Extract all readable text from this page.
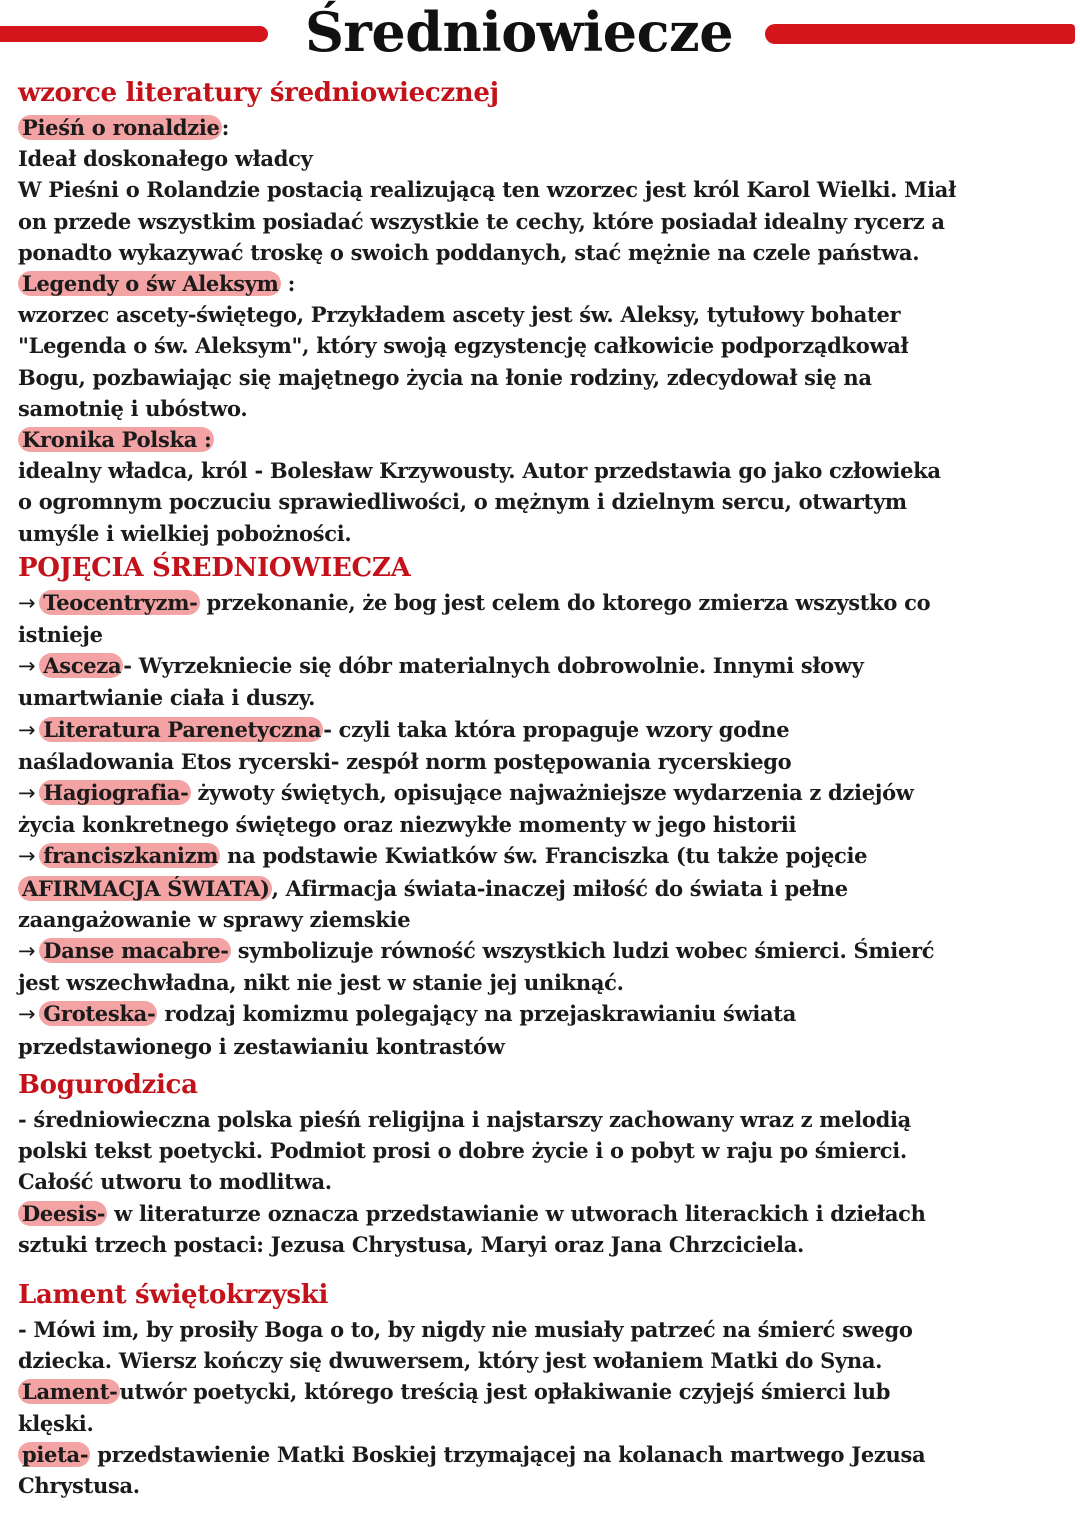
Średniowiecze
wzorce literatury średniowiecznej
Pieśń o ronaldzie:
Ideał doskonałego władcy
W Pieśni o Rolandzie postacią realizującą ten wzorzec jest król Karol Wielki. Miał
on przede wszystkim posiadać wszystkie te cechy, które posiadał idealny rycerz a
ponadto wykazywać troskę o swoich poddanych, stać mężnie na czele państwa.
Legendy o św Aleksym :
wzorzec ascety-świętego, Przykładem ascety jest św. Aleksy, tytułowy bohater
"Legenda o św. Aleksym", który swoją egzystencję całkowicie podporządkował
Bogu, pozbawiając się majętnego życia na łonie rodziny, zdecydował się na
samotnię i ubóstwo.
Kronika Polska :
idealny władca, król - Bolesław Krzywousty. Autor przedstawia go jako człowieka
o ogromnym poczuciu sprawiedliwości, o mężnym i dzielnym sercu, otwartym
umyśle i wielkiej pobożności.
POJĘCIA ŚREDNIOWIECZA
→ Teocentryzm- przekonanie, że bog jest celem do ktorego zmierza wszystko co
istnieje
→ Asceza- Wyrzekniecie się dóbr materialnych dobrowolnie. Innymi słowy
umartwianie ciała i duszy.
→ Literatura Parenetyczna- czyli taka która propaguje wzory godne
naśladowania Etos rycerski- zespół norm postępowania rycerskiego
→ Hagiografia- żywoty świętych, opisujące najważniejsze wydarzenia z dziejów
życia konkretnego świętego oraz niezwykłe momenty w jego historii
→ franciszkanizm na podstawie Kwiatków św. Franciszka (tu także pojęcie
AFIRMACJA ŚWIATA), Afirmacja świata-inaczej miłość do świata i pełne
zaangażowanie w sprawy ziemskie
→ Danse macabre- symbolizuje równość wszystkich ludzi wobec śmierci. Śmierć
jest wszechwładna, nikt nie jest w stanie jej uniknąć.
→ Groteska- rodzaj komizmu polegający na przejaskrawianiu świata
przedstawionego i zestawianiu kontrastów
Bogurodzica
- średniowieczna polska pieśń religijna i najstarszy zachowany wraz z melodią
polski tekst poetycki. Podmiot prosi o dobre życie i o pobyt w raju po śmierci.
Całość utworu to modlitwa.
Deesis- w literaturze oznacza przedstawianie w utworach literackich i dziełach
sztuki trzech postaci: Jezusa Chrystusa, Maryi oraz Jana Chrzciciela.
Lament świętokrzyski
- Mówi im, by prosiły Boga o to, by nigdy nie musiały patrzeć na śmierć swego
dziecka. Wiersz kończy się dwuwersem, który jest wołaniem Matki do Syna.
Lament-utwór poetycki, którego treścią jest opłakiwanie czyjejś śmierci lub
klęski.
pieta- przedstawienie Matki Boskiej trzymającej na kolanach martwego Jezusa
Chrystusa.
